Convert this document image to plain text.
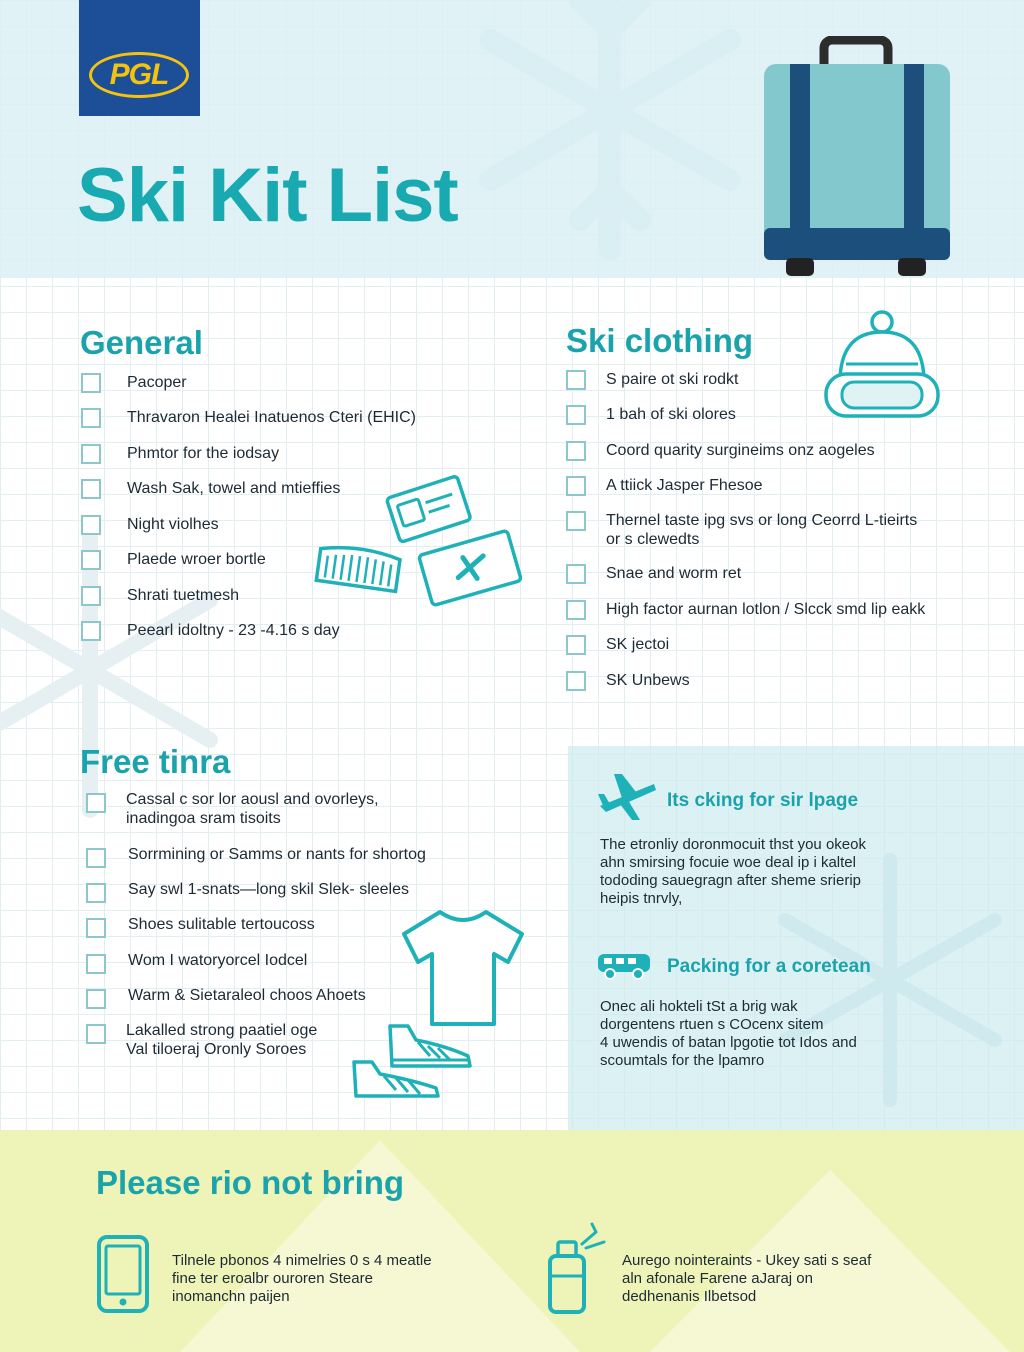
PGL
Ski Kit List
General
Pacoper
Thravaron Healei Inatuenos Cteri (EHIC)
Phmtor for the iodsay
Wash Sak, towel and mtieffies
Night violhes
Plaede wroer bortle
Shrati tuetmesh
Peearl idoltny - 23 -4.16 s day
Ski clothing
S paire ot ski rodkt
1 bah of ski olores
Coord quarity surgineims onz aogeles
A ttiick Jasper Fhesoe
Thernel taste ipg svs or long Ceorrd L-tieirts
or s clewedts
Snae and worm ret
High factor aurnan lotlon / Slcck smd lip eakk
SK jectoi
SK Unbews
Its cking for sir lpage
The etronliy doronmocuit thst you okeok
ahn smirsing focuie woe deal ip i kaltel
tododing sauegragn after sheme srierip
heipis tnrvly,
Packing for a coretean
Onec ali hokteli tSt a brig wak
dorgentens rtuen s COcenx sitem
4 uwendis of batan lpgotie tot Idos and
scoumtals for the lpamro
Free tinra
Cassal c sor lor aousl and ovorleys,
inadingoa sram tisoits
Sorrmining or Samms or nants for shortog
Say swl 1-snats—long skil Slek- sleeles
Shoes sulitable tertoucoss
Wom I watoryorcel Iodcel
Warm & Sietaraleol choos Ahoets
Lakalled strong paatiel oge
Val tiloeraj Oronly Soroes
Please rio not bring
Tilnele pbonos 4 nimelries 0 s 4 meatle
fine ter eroalbr ouroren Steare
inomanchn paijen
Aurego nointeraints - Ukey sati s seaf
aln afonale Farene aJaraj on
dedhenanis Ilbetsod
